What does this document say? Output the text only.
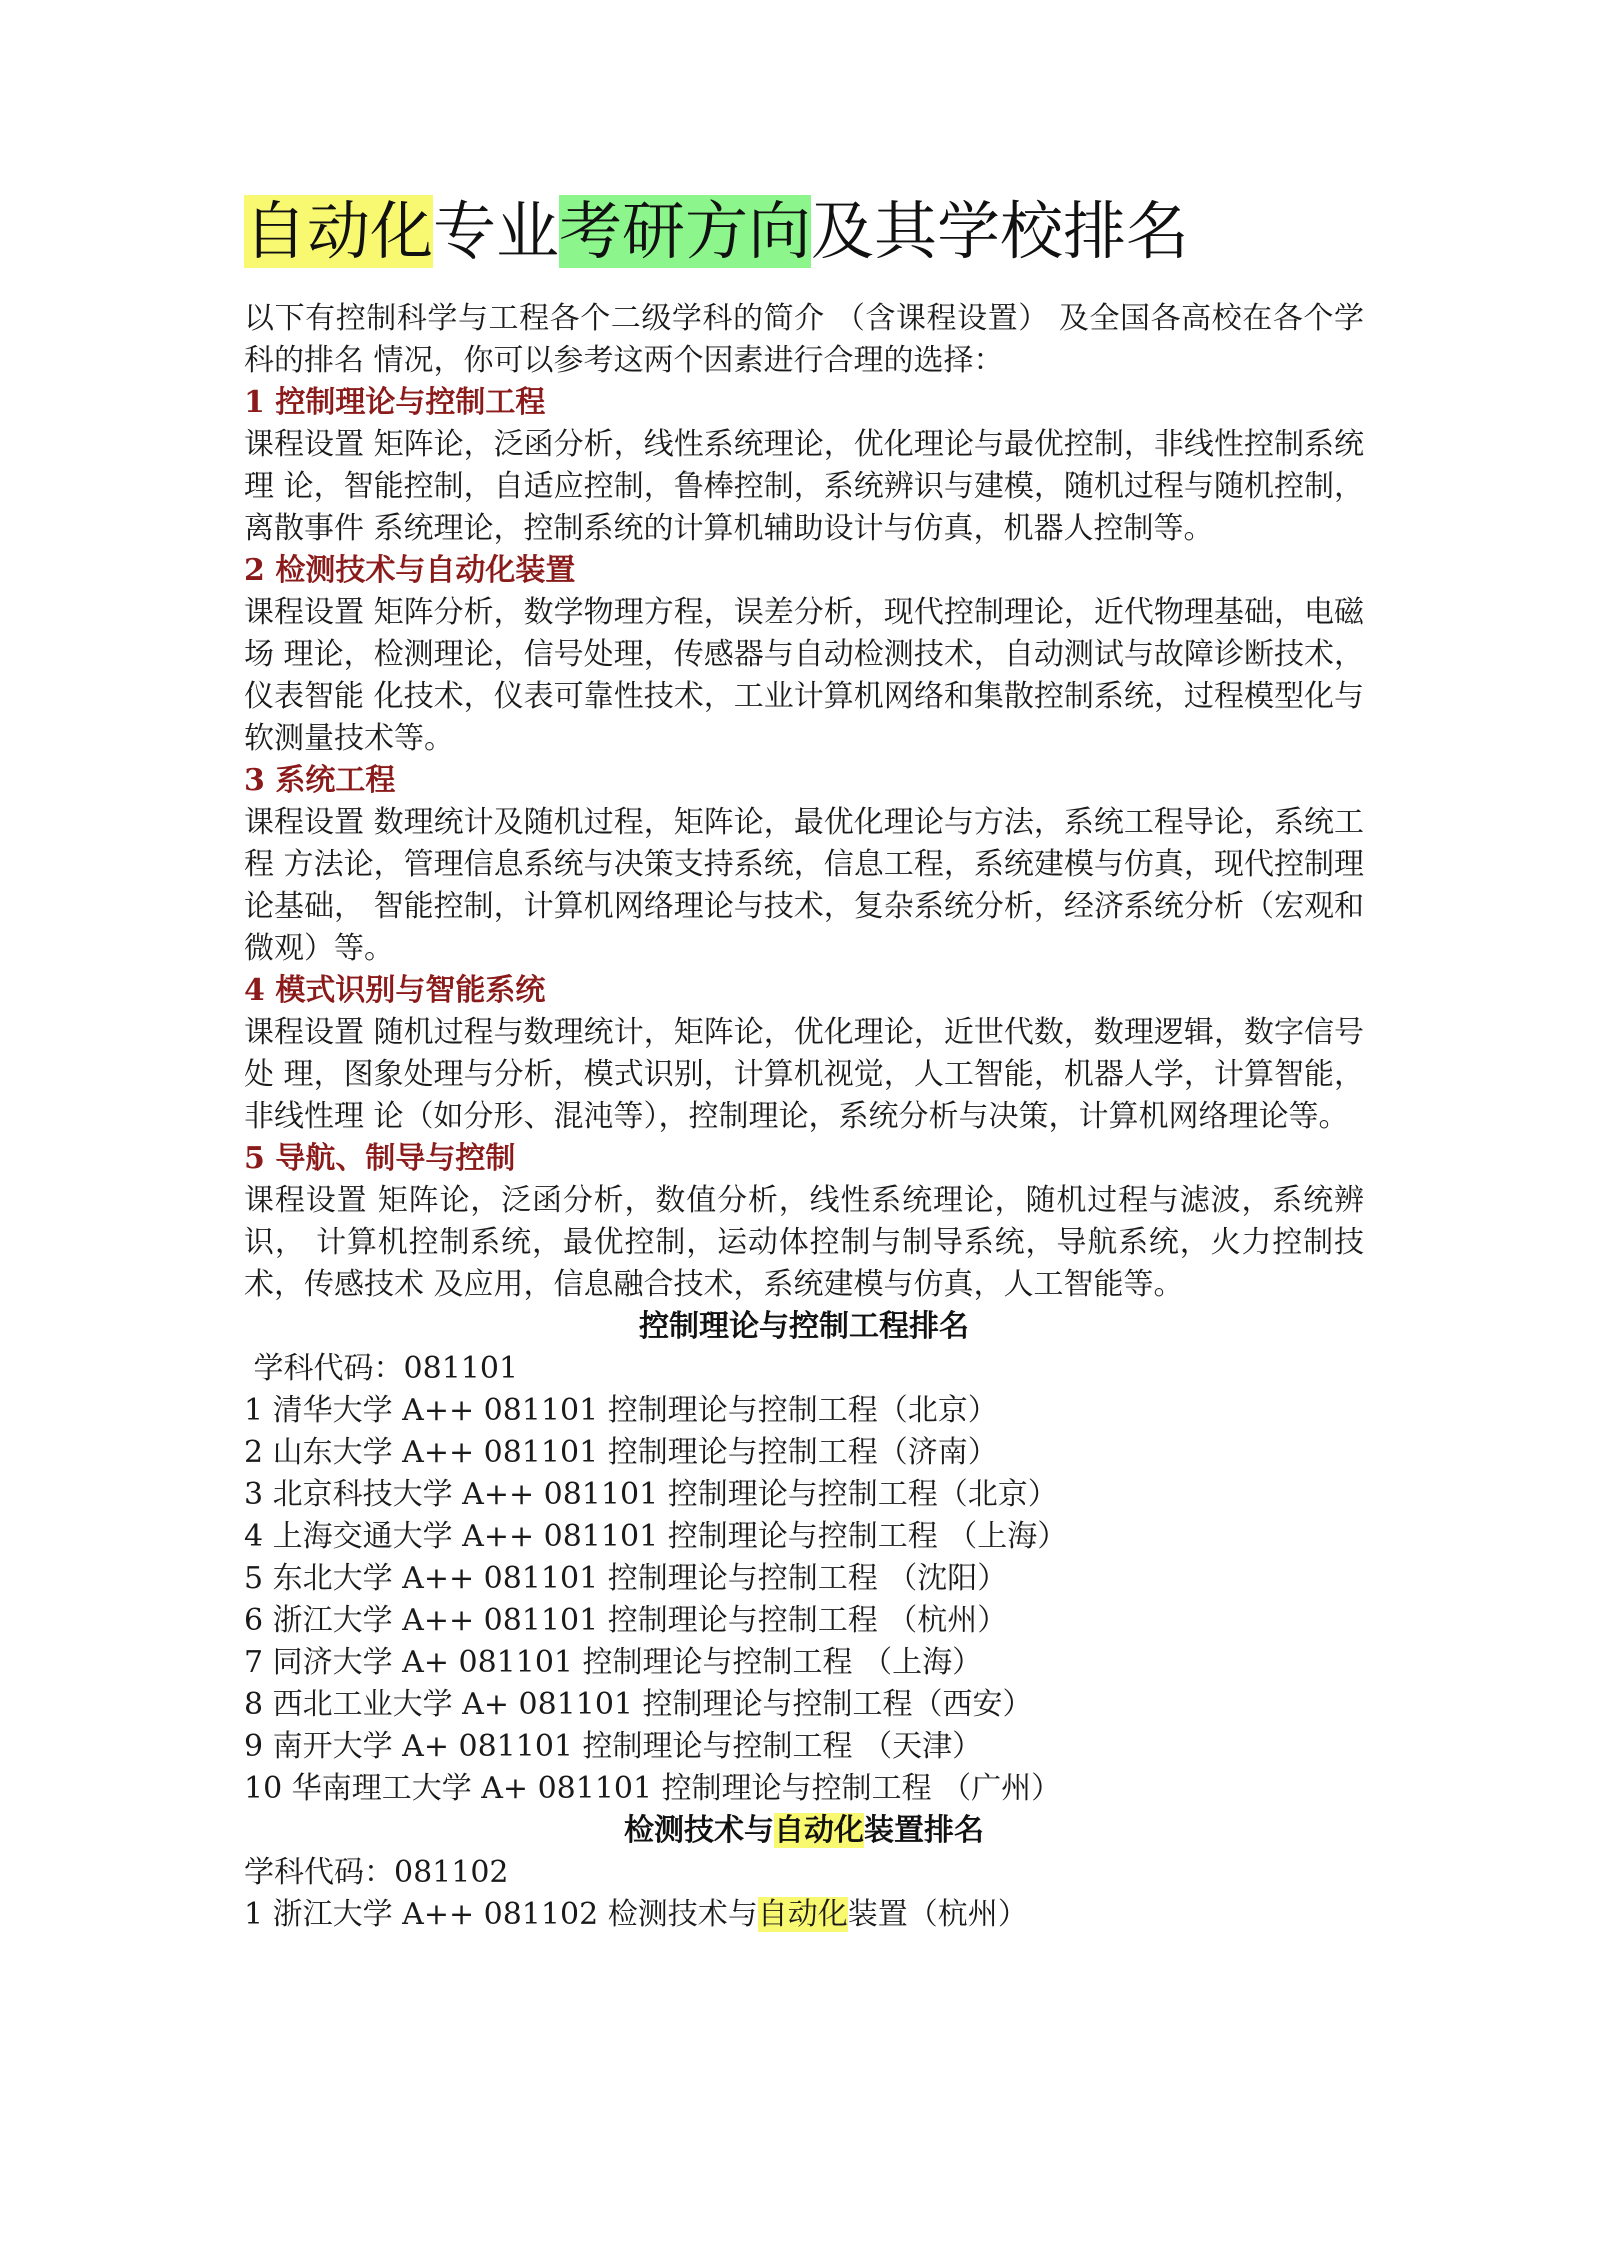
自动化专业考研方向及其学校排名

以下有控制科学与工程各个二级学科的简介 （含课程设置） 及全国各高校在各个学科的排名 情况，你可以参考这两个因素进行合理的选择：

1 控制理论与控制工程

课程设置 矩阵论，泛函分析，线性系统理论，优化理论与最优控制，非线性控制系统理 论，智能控制，自适应控制，鲁棒控制，系统辨识与建模，随机过程与随机控制，离散事件 系统理论，控制系统的计算机辅助设计与仿真，机器人控制等。

2 检测技术与自动化装置

课程设置 矩阵分析，数学物理方程，误差分析，现代控制理论，近代物理基础，电磁场 理论，检测理论，信号处理，传感器与自动检测技术，自动测试与故障诊断技术，仪表智能 化技术，仪表可靠性技术，工业计算机网络和集散控制系统，过程模型化与软测量技术等。

3 系统工程

课程设置 数理统计及随机过程，矩阵论，最优化理论与方法，系统工程导论，系统工程 方法论，管理信息系统与决策支持系统，信息工程，系统建模与仿真，现代控制理论基础， 智能控制，计算机网络理论与技术，复杂系统分析，经济系统分析（宏观和微观）等。

4 模式识别与智能系统

课程设置 随机过程与数理统计，矩阵论，优化理论，近世代数，数理逻辑，数字信号处 理，图象处理与分析，模式识别，计算机视觉，人工智能，机器人学，计算智能，非线性理 论（如分形、混沌等），控制理论，系统分析与决策，计算机网络理论等。

5 导航、制导与控制

课程设置 矩阵论，泛函分析，数值分析，线性系统理论，随机过程与滤波，系统辨识， 计算机控制系统，最优控制，运动体控制与制导系统，导航系统，火力控制技术，传感技术 及应用，信息融合技术，系统建模与仿真，人工智能等。

控制理论与控制工程排名

学科代码：081101

1 清华大学 A++ 081101 控制理论与控制工程（北京）

2 山东大学 A++ 081101 控制理论与控制工程（济南）

3 北京科技大学 A++ 081101 控制理论与控制工程（北京）

4 上海交通大学 A++ 081101 控制理论与控制工程 （上海）

5 东北大学 A++ 081101 控制理论与控制工程 （沈阳）

6 浙江大学 A++ 081101 控制理论与控制工程 （杭州）

7 同济大学 A+ 081101 控制理论与控制工程 （上海）

8 西北工业大学 A+ 081101 控制理论与控制工程（西安）

9 南开大学 A+ 081101 控制理论与控制工程 （天津）

10 华南理工大学 A+ 081101 控制理论与控制工程 （广州）

检测技术与自动化装置排名

学科代码：081102

1 浙江大学 A++ 081102 检测技术与自动化装置（杭州）
